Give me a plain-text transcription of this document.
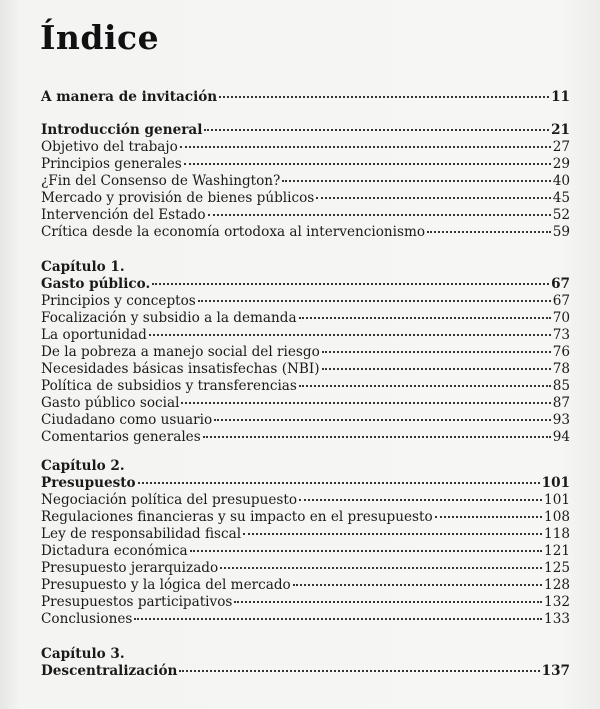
Índice
A manera de invitación	11
Introducción general	21
Objetivo del trabajo	27
Principios generales	29
¿Fin del Consenso de Washington?	40
Mercado y provisión de bienes públicos	45
Intervención del Estado	52
Crítica desde la economía ortodoxa al intervencionismo	59
Capítulo 1.
Gasto público.	67
Principios y conceptos	67
Focalización y subsidio a la demanda	70
La oportunidad	73
De la pobreza a manejo social del riesgo	76
Necesidades básicas insatisfechas (NBI)	78
Política de subsidios y transferencias	85
Gasto público social	87
Ciudadano como usuario	93
Comentarios generales	94
Capítulo 2.
Presupuesto	101
Negociación política del presupuesto	101
Regulaciones financieras y su impacto en el presupuesto	108
Ley de responsabilidad fiscal	118
Dictadura económica	121
Presupuesto jerarquizado	125
Presupuesto y la lógica del mercado	128
Presupuestos participativos	132
Conclusiones	133
Capítulo 3.
Descentralización	137
